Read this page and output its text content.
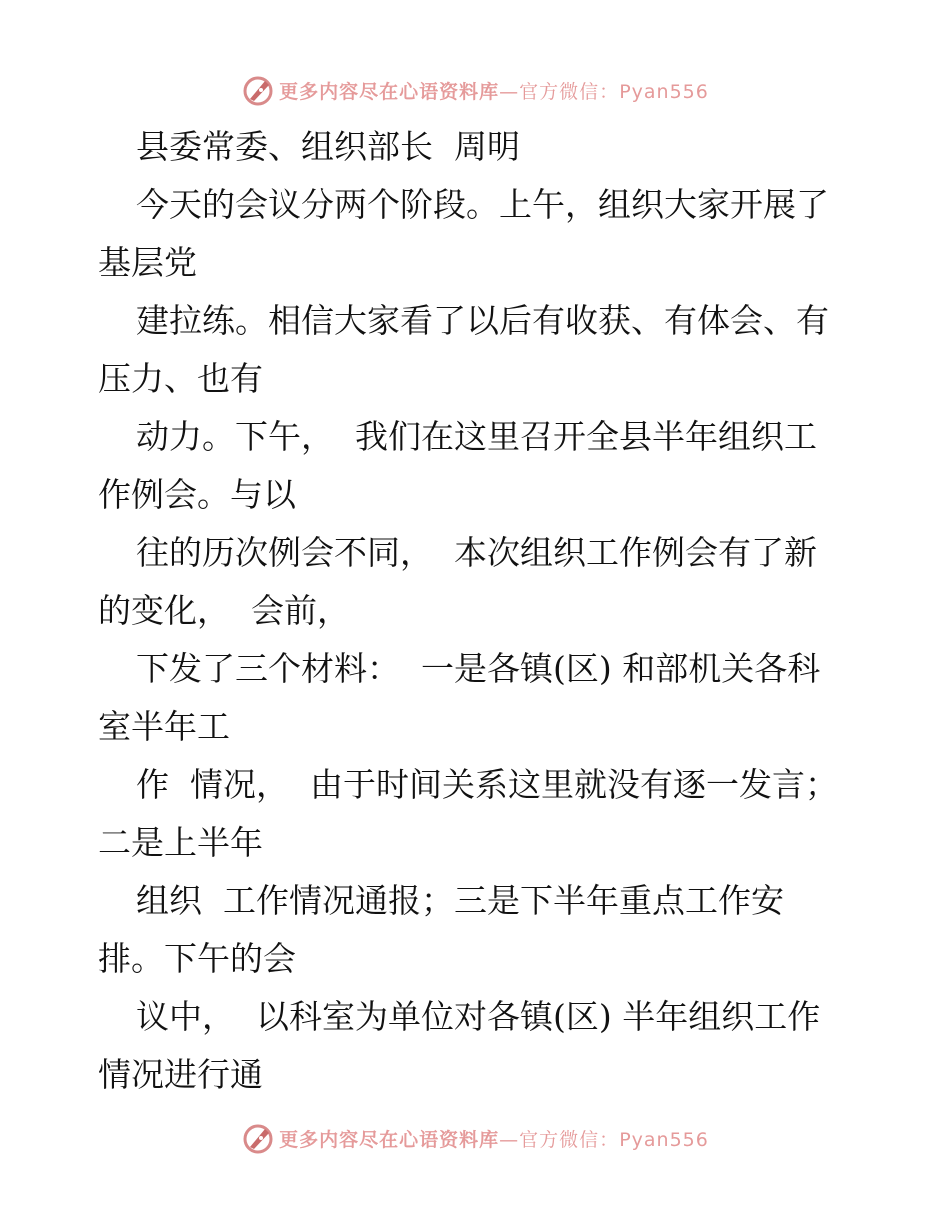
更多内容尽在心语资料库—官方微信：Pyan556
县委常委、组织部长  周明
今天的会议分两个阶段。上午，组织大家开展了
基层党
建拉练。相信大家看了以后有收获、有体会、有
压力、也有
动力。下午，  我们在这里召开全县半年组织工
作例会。与以
往的历次例会不同，  本次组织工作例会有了新
的变化，  会前，
下发了三个材料：  一是各镇(区) 和部机关各科
室半年工
作  情况，  由于时间关系这里就没有逐一发言；
二是上半年
组织  工作情况通报；三是下半年重点工作安
排。下午的会
议中，  以科室为单位对各镇(区) 半年组织工作
情况进行通
更多内容尽在心语资料库—官方微信：Pyan556
